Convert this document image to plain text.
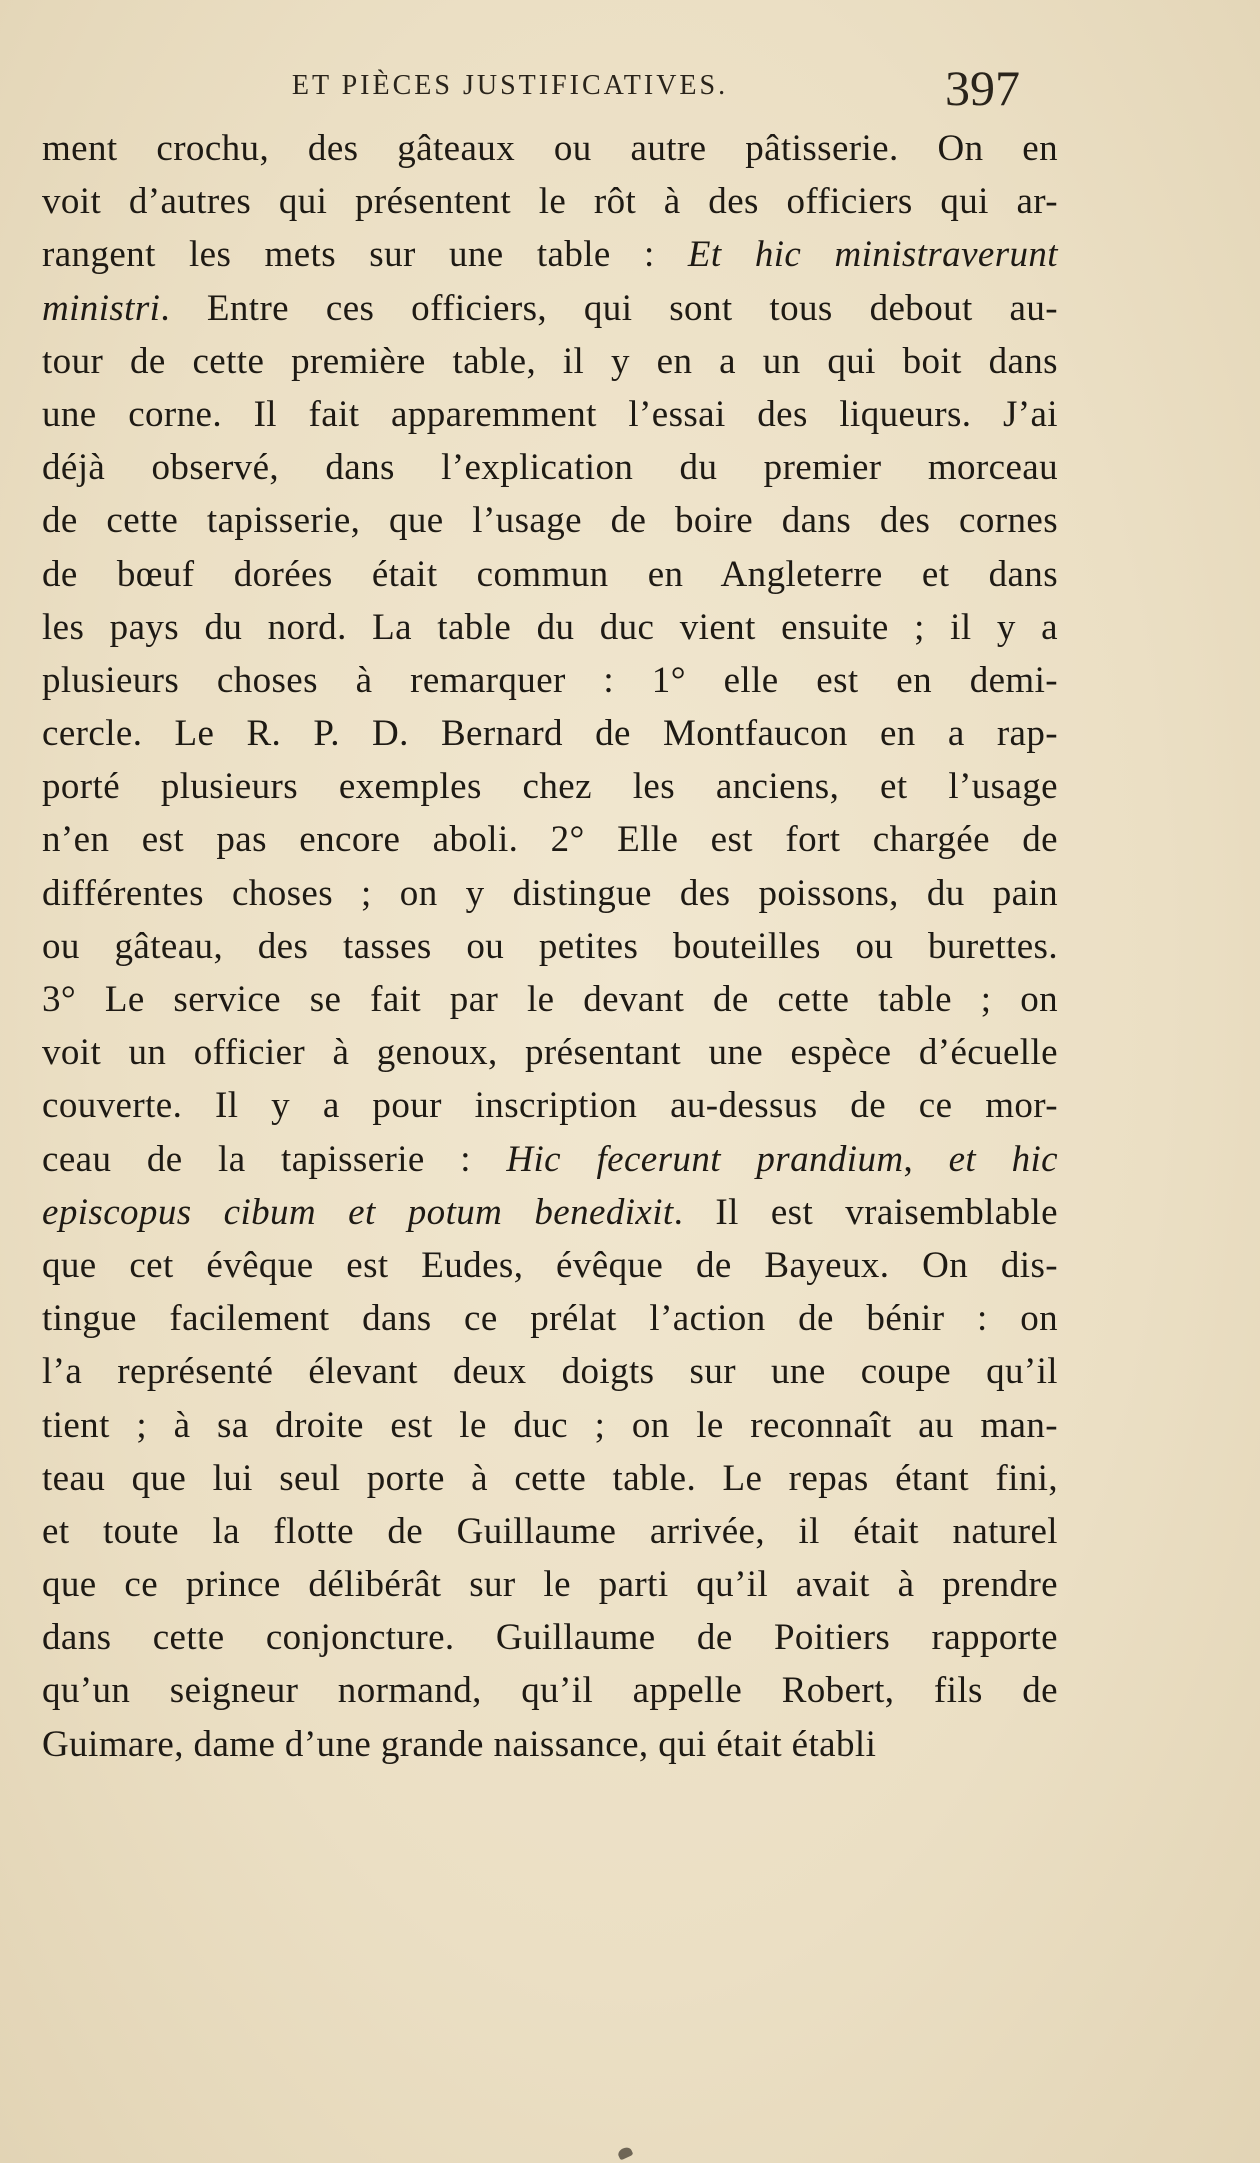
ET PIÈCES JUSTIFICATIVES.	397
ment crochu, des gâteaux ou autre pâtisserie. On en
voit d’autres qui présentent le rôt à des officiers qui ar-
rangent les mets sur une table : Et hic ministraverunt
ministri. Entre ces officiers, qui sont tous debout au-
tour de cette première table, il y en a un qui boit dans
une corne. Il fait apparemment l’essai des liqueurs. J’ai
déjà observé, dans l’explication du premier morceau
de cette tapisserie, que l’usage de boire dans des cornes
de bœuf dorées était commun en Angleterre et dans
les pays du nord. La table du duc vient ensuite ; il y a
plusieurs choses à remarquer : 1° elle est en demi-
cercle. Le R. P. D. Bernard de Montfaucon en a rap-
porté plusieurs exemples chez les anciens, et l’usage
n’en est pas encore aboli. 2° Elle est fort chargée de
différentes choses ; on y distingue des poissons, du pain
ou gâteau, des tasses ou petites bouteilles ou burettes.
3° Le service se fait par le devant de cette table ; on
voit un officier à genoux, présentant une espèce d’écuelle
couverte. Il y a pour inscription au-dessus de ce mor-
ceau de la tapisserie : Hic fecerunt prandium, et hic
episcopus cibum et potum benedixit. Il est vraisemblable
que cet évêque est Eudes, évêque de Bayeux. On dis-
tingue facilement dans ce prélat l’action de bénir : on
l’a représenté élevant deux doigts sur une coupe qu’il
tient ; à sa droite est le duc ; on le reconnaît au man-
teau que lui seul porte à cette table. Le repas étant fini,
et toute la flotte de Guillaume arrivée, il était naturel
que ce prince délibérât sur le parti qu’il avait à prendre
dans cette conjoncture. Guillaume de Poitiers rapporte
qu’un seigneur normand, qu’il appelle Robert, fils de
Guimare, dame d’une grande naissance, qui était établi
